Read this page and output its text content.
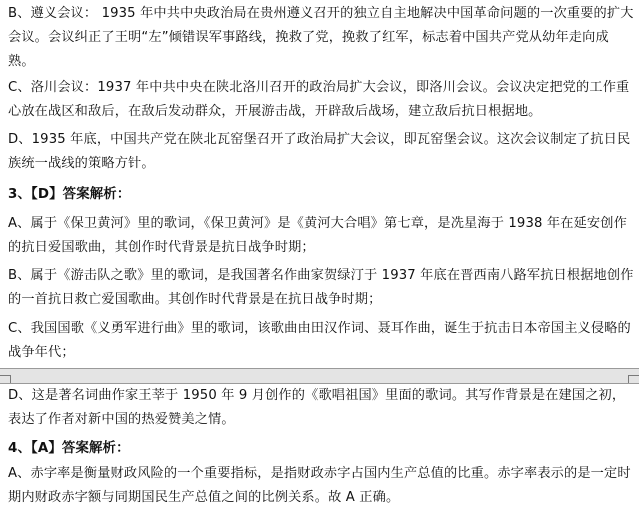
B、遵义会议： 1935 年中共中央政治局在贵州遵义召开的独立自主地解决中国革命问题的一次重要的扩大会议。会议纠正了王明“左”倾错误军事路线，挽救了党，挽救了红军，标志着中国共产党从幼年走向成熟。
C、洛川会议：1937 年中共中央在陕北洛川召开的政治局扩大会议，即洛川会议。会议决定把党的工作重心放在战区和敌后，在敌后发动群众，开展游击战，开辟敌后战场，建立敌后抗日根据地。
D、1935 年底，中国共产党在陕北瓦窑堡召开了政治局扩大会议，即瓦窑堡会议。这次会议制定了抗日民族统一战线的策略方针。
3、【D】答案解析：
A、属于《保卫黄河》里的歌词，《保卫黄河》是《黄河大合唱》第七章，是冼星海于 1938 年在延安创作的抗日爱国歌曲，其创作时代背景是抗日战争时期；
B、属于《游击队之歌》里的歌词，是我国著名作曲家贺绿汀于 1937 年底在晋西南八路军抗日根据地创作的一首抗日救亡爱国歌曲。其创作时代背景是在抗日战争时期；
C、我国国歌《义勇军进行曲》里的歌词，该歌曲由田汉作词、聂耳作曲，诞生于抗击日本帝国主义侵略的战争年代；
D、这是著名词曲作家王莘于 1950 年 9 月创作的《歌唱祖国》里面的歌词。其写作背景是在建国之初，表达了作者对新中国的热爱赞美之情。
4、【A】答案解析：
A、赤字率是衡量财政风险的一个重要指标，是指财政赤字占国内生产总值的比重。赤字率表示的是一定时期内财政赤字额与同期国民生产总值之间的比例关系。故 A 正确。
